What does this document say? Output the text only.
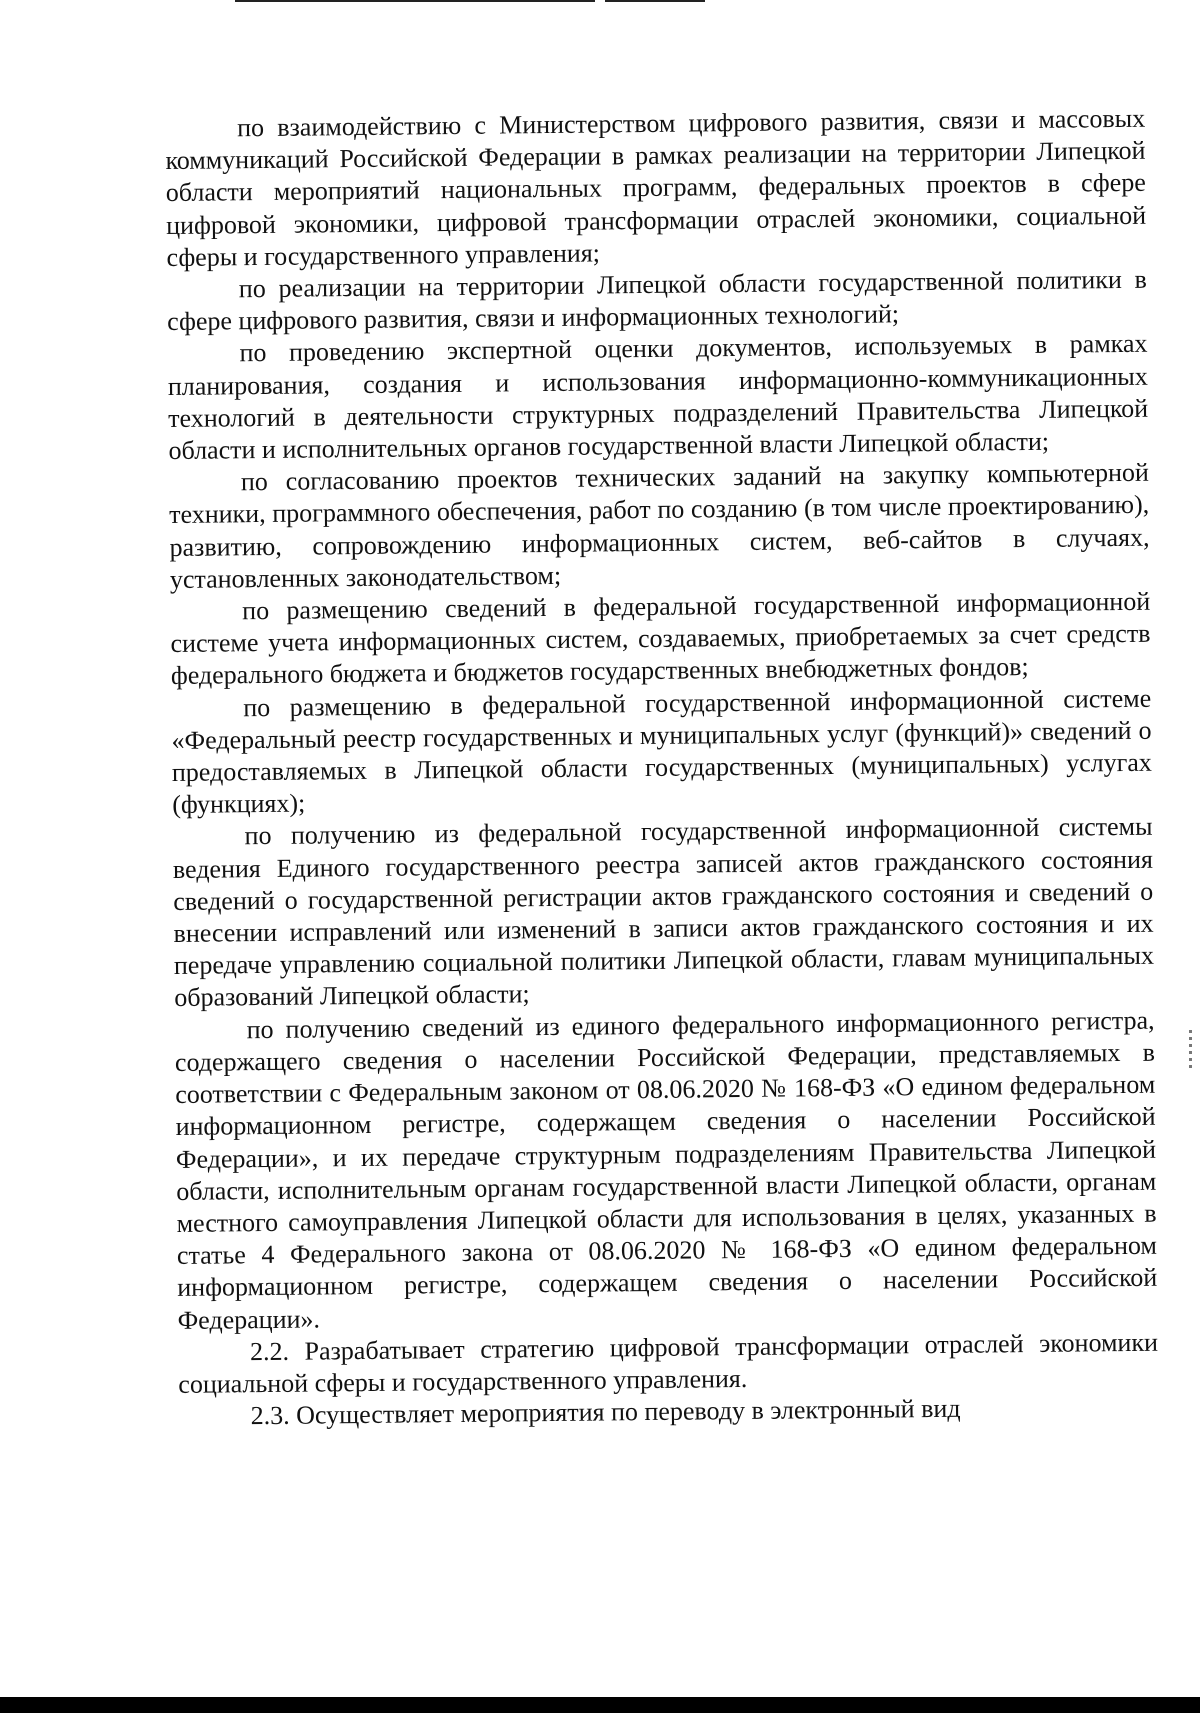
по взаимодействию с Министерством цифрового развития, связи и массовых коммуникаций Российской Федерации в рамках реализации на территории Липецкой области мероприятий национальных программ, федеральных проектов в сфере цифровой экономики, цифровой трансформации отраслей экономики, социальной сферы и государственного управления;

по реализации на территории Липецкой области государственной политики в сфере цифрового развития, связи и информационных технологий;

по проведению экспертной оценки документов, используемых в рамках планирования, создания и использования информационно-коммуникационных технологий в деятельности структурных подразделений Правительства Липецкой области и исполнительных органов государственной власти Липецкой области;

по согласованию проектов технических заданий на закупку компьютерной техники, программного обеспечения, работ по созданию (в том числе проектированию), развитию, сопровождению информационных систем, веб-сайтов в случаях, установленных законодательством;

по размещению сведений в федеральной государственной информационной системе учета информационных систем, создаваемых, приобретаемых за счет средств федерального бюджета и бюджетов государственных внебюджетных фондов;

по размещению в федеральной государственной информационной системе «Федеральный реестр государственных и муниципальных услуг (функций)» сведений о предоставляемых в Липецкой области государственных (муниципальных) услугах (функциях);

по получению из федеральной государственной информационной системы ведения Единого государственного реестра записей актов гражданского состояния сведений о государственной регистрации актов гражданского состояния и сведений о внесении исправлений или изменений в записи актов гражданского состояния и их передаче управлению социальной политики Липецкой области, главам муниципальных образований Липецкой области;

по получению сведений из единого федерального информационного регистра, содержащего сведения о населении Российской Федерации, представляемых в соответствии с Федеральным законом от 08.06.2020 № 168-ФЗ «О едином федеральном информационном регистре, содержащем сведения о населении Российской Федерации», и их передаче структурным подразделениям Правительства Липецкой области, исполнительным органам государственной власти Липецкой области, органам местного самоуправления Липецкой области для использования в целях, указанных в статье 4 Федерального закона от 08.06.2020 № 168-ФЗ «О едином федеральном информационном регистре, содержащем сведения о населении Российской Федерации».

2.2. Разрабатывает стратегию цифровой трансформации отраслей экономики социальной сферы и государственного управления.

2.3. Осуществляет мероприятия по переводу в электронный вид
